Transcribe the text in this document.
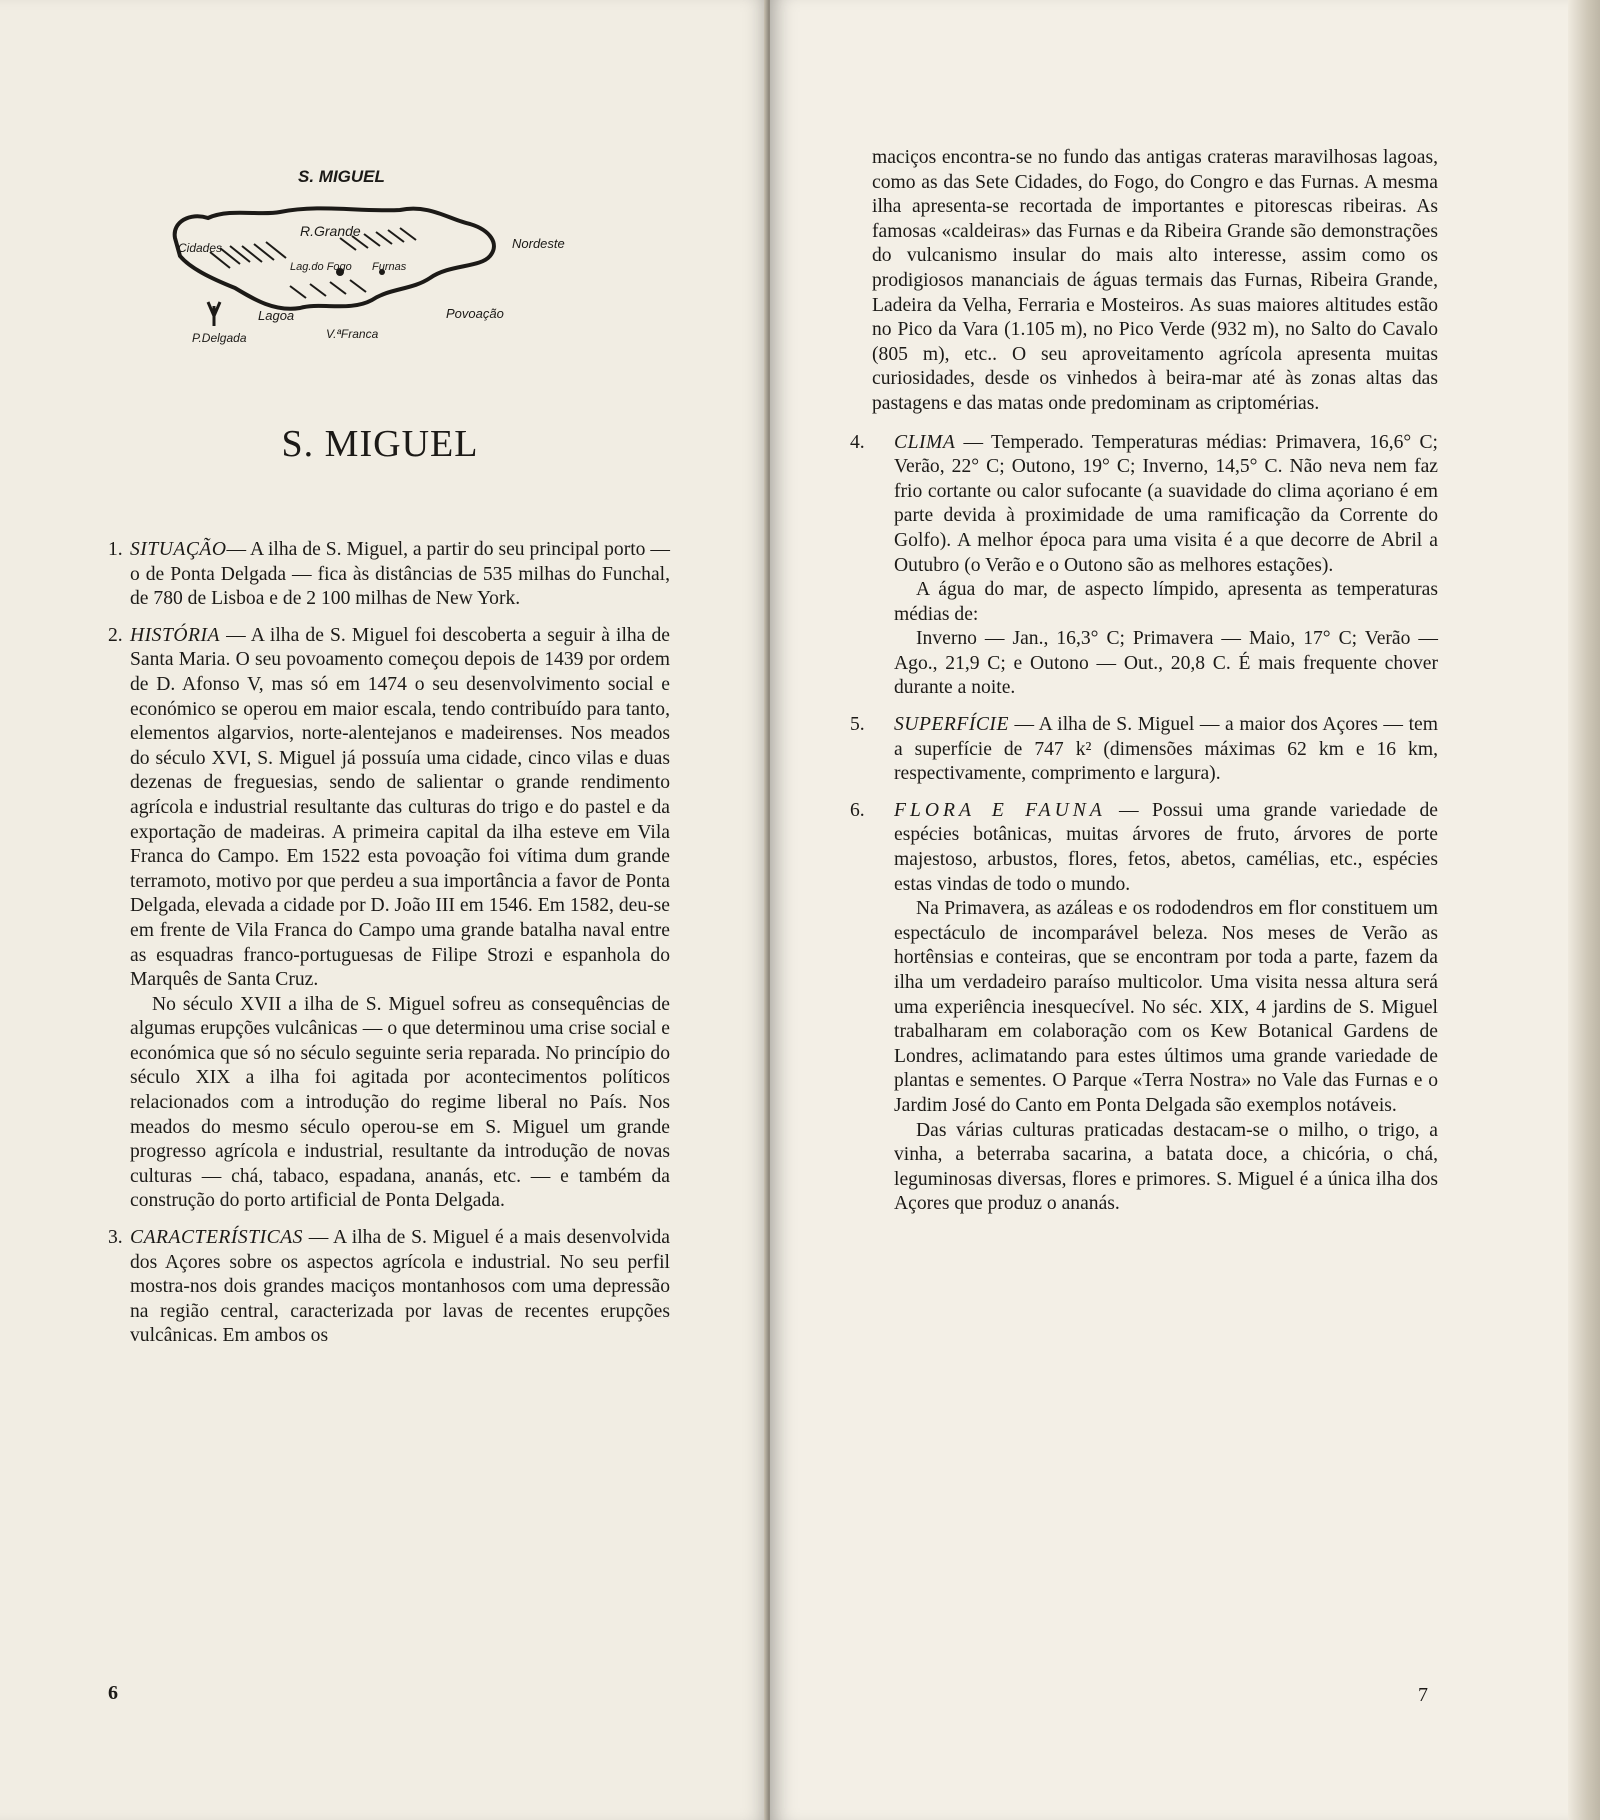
S. MIGUEL
R.Grande
Nordeste
Cidades
Lag.do Fogo Furnas
Lagoa	Povoação
P.Delgada	V.ªFranca
S. MIGUEL
1. SITUAÇÃO— A ilha de S. Miguel, a partir do seu principal porto — o de Ponta Delgada — fica às distâncias de 535 milhas do Funchal, de 780 de Lisboa e de 2 100 milhas de New York.

2. HISTÓRIA — A ilha de S. Miguel foi descoberta a seguir à ilha de Santa Maria. O seu povoamento começou depois de 1439 por ordem de D. Afonso V, mas só em 1474 o seu desenvolvimento social e económico se operou em maior escala, tendo contribuído para tanto, elementos algarvios, norte-alentejanos e madeirenses. Nos meados do século XVI, S. Miguel já possuía uma cidade, cinco vilas e duas dezenas de freguesias, sendo de salientar o grande rendimento agrícola e industrial resultante das culturas do trigo e do pastel e da exportação de madeiras. A primeira capital da ilha esteve em Vila Franca do Campo. Em 1522 esta povoação foi vítima dum grande terramoto, motivo por que perdeu a sua importância a favor de Ponta Delgada, elevada a cidade por D. João III em 1546. Em 1582, deu-se em frente de Vila Franca do Campo uma grande batalha naval entre as esquadras franco-portuguesas de Filipe Strozi e espanhola do Marquês de Santa Cruz.

No século XVII a ilha de S. Miguel sofreu as consequências de algumas erupções vulcânicas — o que determinou uma crise social e económica que só no século seguinte seria reparada. No princípio do século XIX a ilha foi agitada por acontecimentos políticos relacionados com a introdução do regime liberal no País. Nos meados do mesmo século operou-se em S. Miguel um grande progresso agrícola e industrial, resultante da introdução de novas culturas — chá, tabaco, espadana, ananás, etc. — e também da construção do porto artificial de Ponta Delgada.

3. CARACTERÍSTICAS — A ilha de S. Miguel é a mais desenvolvida dos Açores sobre os aspectos agrícola e industrial. No seu perfil mostra-nos dois grandes maciços montanhosos com uma depressão na região central, caracterizada por lavas de recentes erupções vulcânicas. Em ambos os

6

maciços encontra-se no fundo das antigas crateras maravilhosas lagoas, como as das Sete Cidades, do Fogo, do Congro e das Furnas. A mesma ilha apresenta-se recortada de importantes e pitorescas ribeiras. As famosas «caldeiras» das Furnas e da Ribeira Grande são demonstrações do vulcanismo insular do mais alto interesse, assim como os prodigiosos mananciais de águas termais das Furnas, Ribeira Grande, Ladeira da Velha, Ferraria e Mosteiros. As suas maiores altitudes estão no Pico da Vara (1.105 m), no Pico Verde (932 m), no Salto do Cavalo (805 m), etc.. O seu aproveitamento agrícola apresenta muitas curiosidades, desde os vinhedos à beira-mar até às zonas altas das pastagens e das matas onde predominam as criptomérias.

4.	CLIMA — Temperado. Temperaturas médias: Primavera, 16,6° C; Verão, 22° C; Outono, 19° C; Inverno, 14,5° C. Não neva nem faz frio cortante ou calor sufocante (a suavidade do clima açoriano é em parte devida à proximidade de uma ramificação da Corrente do Golfo). A melhor época para uma visita é a que decorre de Abril a Outubro (o Verão e o Outono são as melhores estações).

A água do mar, de aspecto límpido, apresenta as temperaturas médias de:

Inverno — Jan., 16,3° C; Primavera — Maio, 17° C; Verão — Ago., 21,9 C; e Outono — Out., 20,8 C. É mais frequente chover durante a noite.

5.	SUPERFÍCIE — A ilha de S. Miguel — a maior dos Açores — tem a superfície de 747 k² (dimensões máximas 62 km e 16 km, respectivamente, comprimento e largura).

6.	FLORA E FAUNA — Possui uma grande variedade de espécies botânicas, muitas árvores de fruto, árvores de porte majestoso, arbustos, flores, fetos, abetos, camélias, etc., espécies estas vindas de todo o mundo.

Na Primavera, as azáleas e os rododendros em flor constituem um espectáculo de incomparável beleza. Nos meses de Verão as hortênsias e conteiras, que se encontram por toda a parte, fazem da ilha um verdadeiro paraíso multicolor. Uma visita nessa altura será uma experiência inesquecível. No séc. XIX, 4 jardins de S. Miguel trabalharam em colaboração com os Kew Botanical Gardens de Londres, aclimatando para estes últimos uma grande variedade de plantas e sementes. O Parque «Terra Nostra» no Vale das Furnas e o Jardim José do Canto em Ponta Delgada são exemplos notáveis.

Das várias culturas praticadas destacam-se o milho, o trigo, a vinha, a beterraba sacarina, a batata doce, a chicória, o chá, leguminosas diversas, flores e primores. S. Miguel é a única ilha dos Açores que produz o ananás.

7
